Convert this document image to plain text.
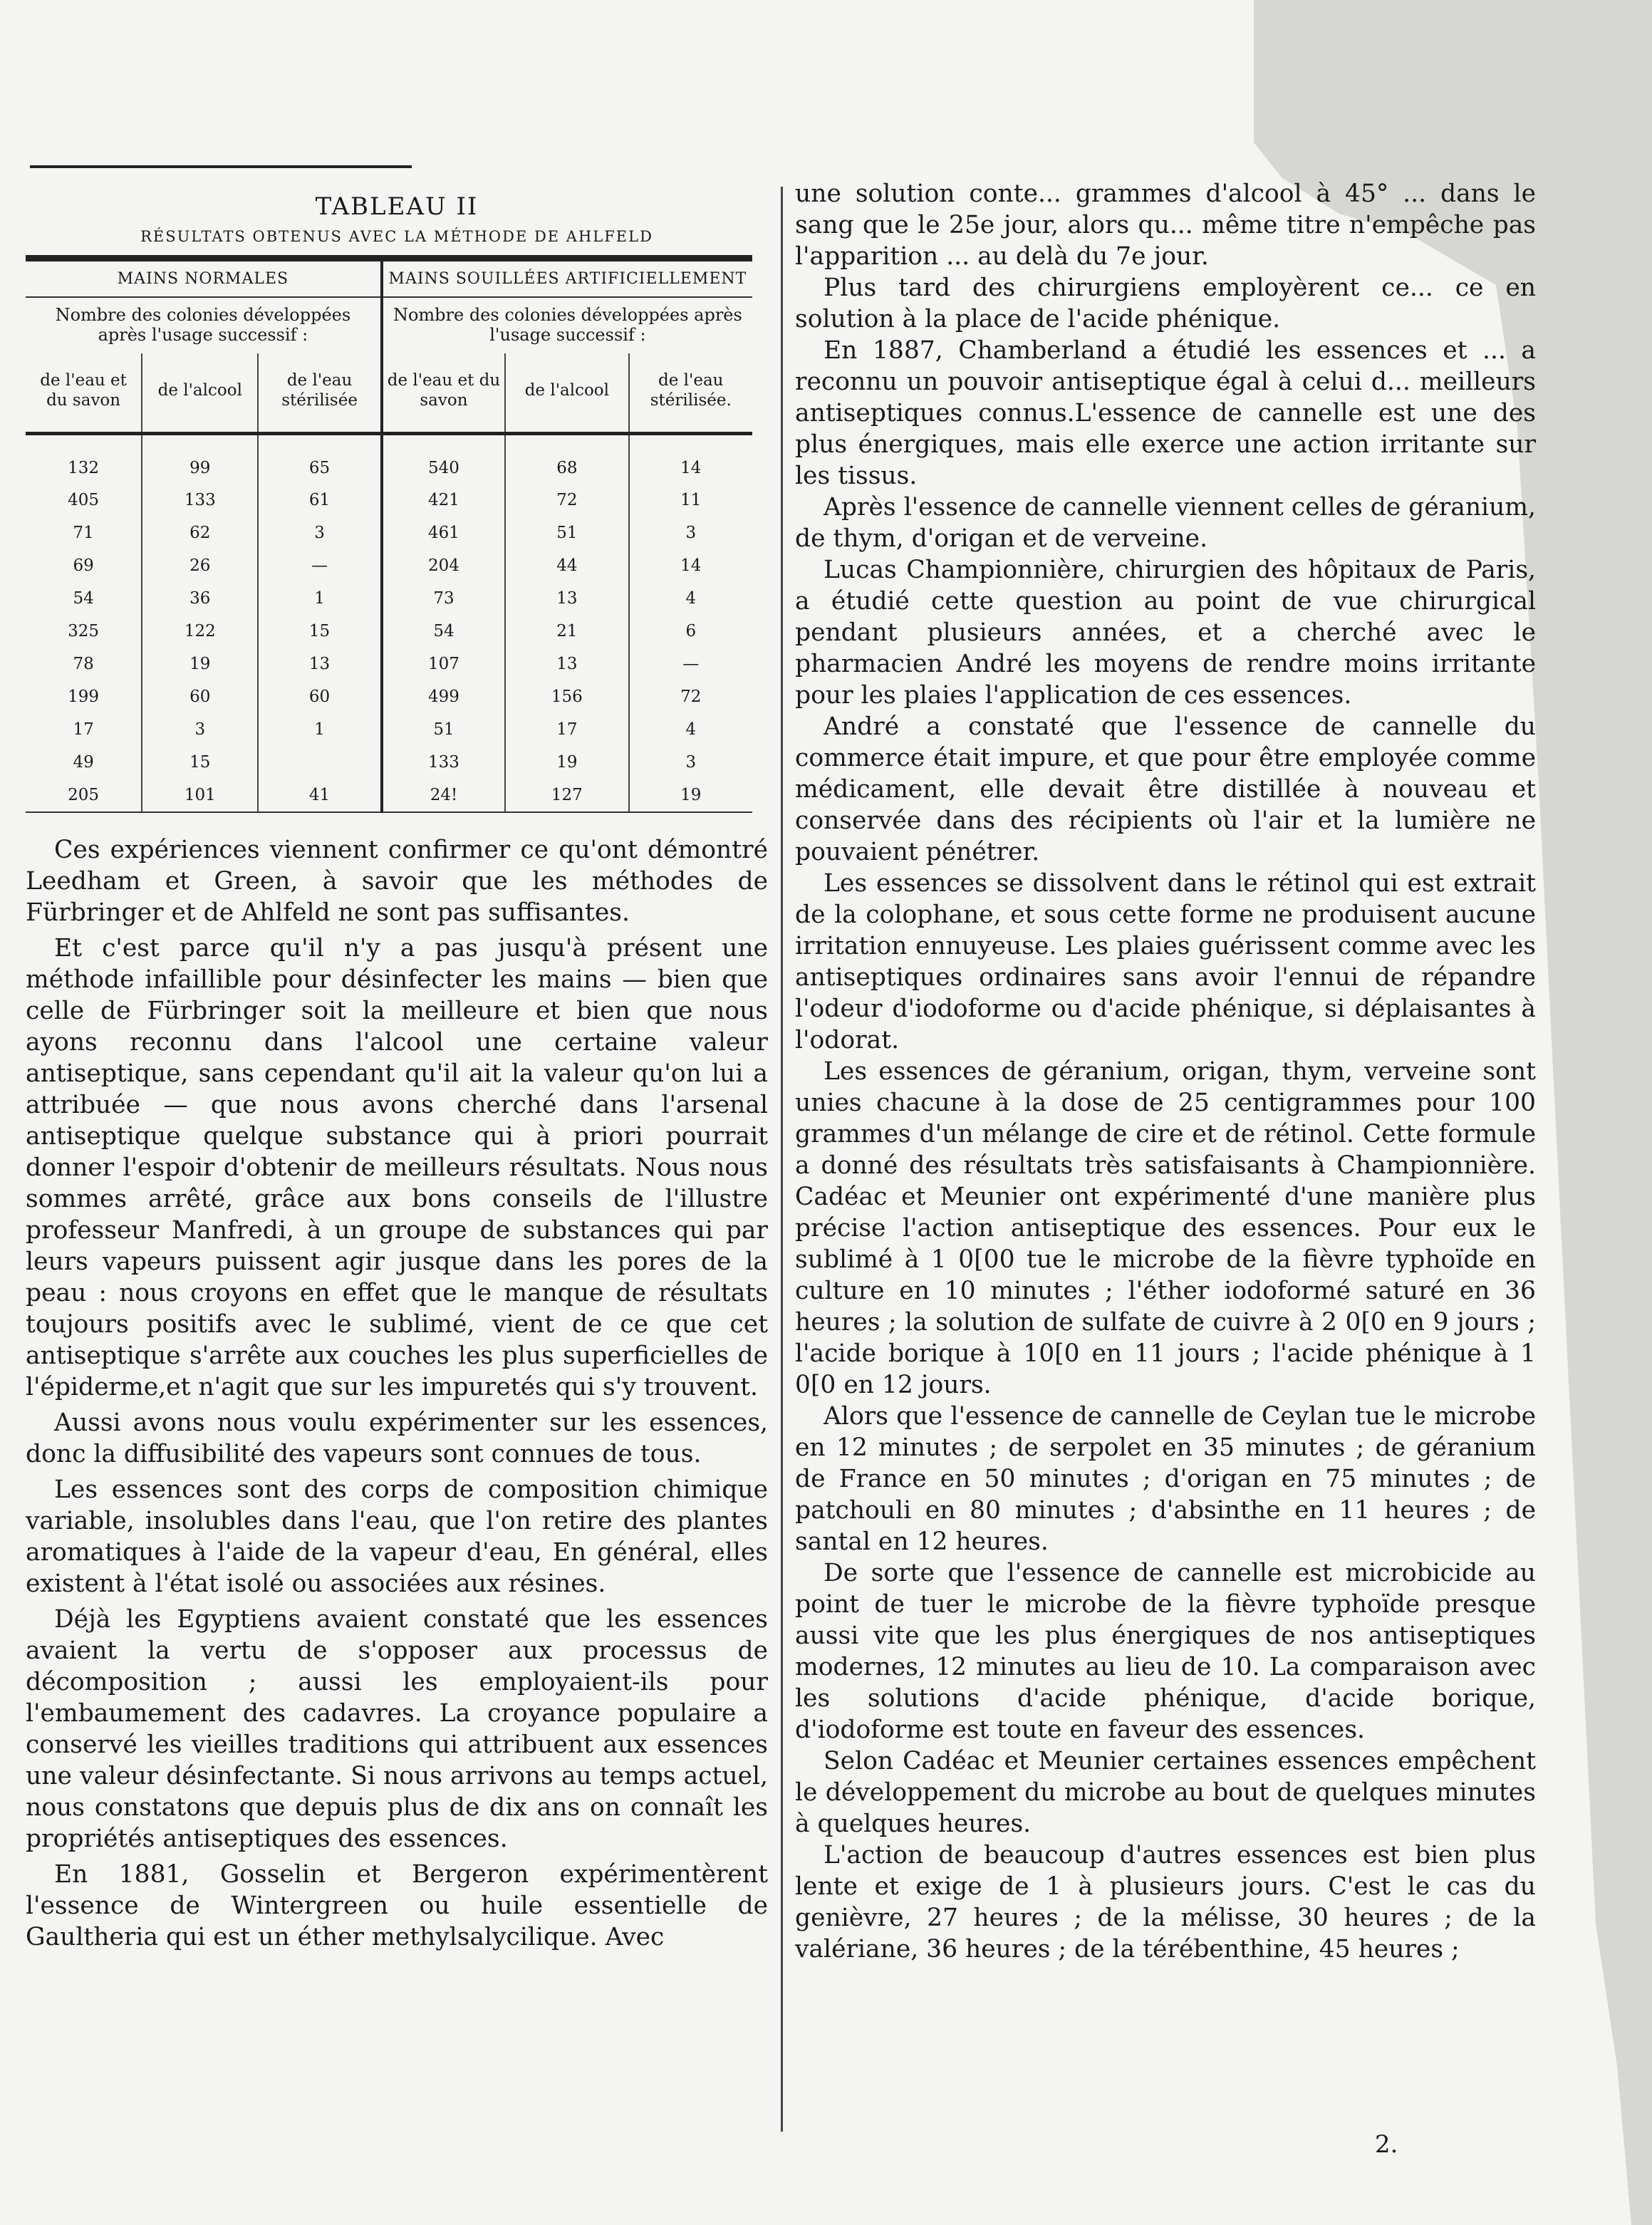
TABLEAU II
RÉSULTATS OBTENUS AVEC LA MÉTHODE DE AHLFELD
MAINS NORMALES			MAINS SOUILLÉES ARTIFICIELLEMENT		
Nombre des colonies développées après l'usage successif :			Nombre des colonies développées après l'usage successif :		
de l'eau et du savon	de l'alcool	de l'eau stérilisée	de l'eau et du savon	de l'alcool	de l'eau stérilisée.
132	99	65	540	68	14
405	133	61	421	72	11
71	62	3	461	51	3
69	26	—	204	44	14
54	36	1	73	13	4
325	122	15	54	21	6
78	19	13	107	13	—
199	60	60	499	156	72
17	3	1	51	17	4
49	15		133	19	3
205	101	41	24!	127	19

Ces expériences viennent confirmer ce qu'ont démontré Leedham et Green, à savoir que les méthodes de Fürbringer et de Ahlfeld ne sont pas suffisantes.

Et c'est parce qu'il n'y a pas jusqu'à présent une méthode infaillible pour désinfecter les mains — bien que celle de Fürbringer soit la meilleure et bien que nous ayons reconnu dans l'alcool une certaine valeur antiseptique, sans cependant qu'il ait la valeur qu'on lui a attribuée — que nous avons cherché dans l'arsenal antiseptique quelque substance qui à priori pourrait donner l'espoir d'obtenir de meilleurs résultats. Nous nous sommes arrêté, grâce aux bons conseils de l'illustre professeur Manfredi, à un groupe de substances qui par leurs vapeurs puissent agir jusque dans les pores de la peau : nous croyons en effet que le manque de résultats toujours positifs avec le sublimé, vient de ce que cet antiseptique s'arrête aux couches les plus superficielles de l'épiderme,et n'agit que sur les impuretés qui s'y trouvent.

Aussi avons nous voulu expérimenter sur les essences, donc la diffusibilité des vapeurs sont connues de tous.

Les essences sont des corps de composition chimique variable, insolubles dans l'eau, que l'on retire des plantes aromatiques à l'aide de la vapeur d'eau, En général, elles existent à l'état isolé ou associées aux résines.

Déjà les Egyptiens avaient constaté que les essences avaient la vertu de s'opposer aux processus de décomposition ; aussi les employaient-ils pour l'embaumement des cadavres. La croyance populaire a conservé les vieilles traditions qui attribuent aux essences une valeur désinfectante. Si nous arrivons au temps actuel, nous constatons que depuis plus de dix ans on connaît les propriétés antiseptiques des essences.

En 1881, Gosselin et Bergeron expérimentèrent l'essence de Wintergreen ou huile essentielle de Gaultheria qui est un éther methylsalycilique. Avec

une solution conte... grammes d'alcool à 45° ... dans le sang que le 25e jour, alors qu... même titre n'empêche pas l'apparition ... au delà du 7e jour.

Plus tard des chirurgiens employèrent ce... ce en solution à la place de l'acide phénique.

En 1887, Chamberland a étudié les essences et ... a reconnu un pouvoir antiseptique égal à celui d... meilleurs antiseptiques connus.L'essence de cannelle est une des plus énergiques, mais elle exerce une action irritante sur les tissus.

Après l'essence de cannelle viennent celles de géranium, de thym, d'origan et de verveine.

Lucas Championnière, chirurgien des hôpitaux de Paris, a étudié cette question au point de vue chirurgical pendant plusieurs années, et a cherché avec le pharmacien André les moyens de rendre moins irritante pour les plaies l'application de ces essences.

André a constaté que l'essence de cannelle du commerce était impure, et que pour être employée comme médicament, elle devait être distillée à nouveau et conservée dans des récipients où l'air et la lumière ne pouvaient pénétrer.

Les essences se dissolvent dans le rétinol qui est extrait de la colophane, et sous cette forme ne produisent aucune irritation ennuyeuse. Les plaies guérissent comme avec les antiseptiques ordinaires sans avoir l'ennui de répandre l'odeur d'iodoforme ou d'acide phénique, si déplaisantes à l'odorat.

Les essences de géranium, origan, thym, verveine sont unies chacune à la dose de 25 centigrammes pour 100 grammes d'un mélange de cire et de rétinol. Cette formule a donné des résultats très satisfaisants à Championnière. Cadéac et Meunier ont expérimenté d'une manière plus précise l'action antiseptique des essences. Pour eux le sublimé à 1 0[00 tue le microbe de la fièvre typhoïde en culture en 10 minutes ; l'éther iodoformé saturé en 36 heures ; la solution de sulfate de cuivre à 2 0[0 en 9 jours ; l'acide borique à 10[0 en 11 jours ; l'acide phénique à 1 0[0 en 12 jours.

Alors que l'essence de cannelle de Ceylan tue le microbe en 12 minutes ; de serpolet en 35 minutes ; de géranium de France en 50 minutes ; d'origan en 75 minutes ; de patchouli en 80 minutes ; d'absinthe en 11 heures ; de santal en 12 heures.

De sorte que l'essence de cannelle est microbicide au point de tuer le microbe de la fièvre typhoïde presque aussi vite que les plus énergiques de nos antiseptiques modernes, 12 minutes au lieu de 10. La comparaison avec les solutions d'acide phénique, d'acide borique, d'iodoforme est toute en faveur des essences.

Selon Cadéac et Meunier certaines essences empêchent le développement du microbe au bout de quelques minutes à quelques heures.

L'action de beaucoup d'autres essences est bien plus lente et exige de 1 à plusieurs jours. C'est le cas du genièvre, 27 heures ; de la mélisse, 30 heures ; de la valériane, 36 heures ; de la térébenthine, 45 heures ;

2.
